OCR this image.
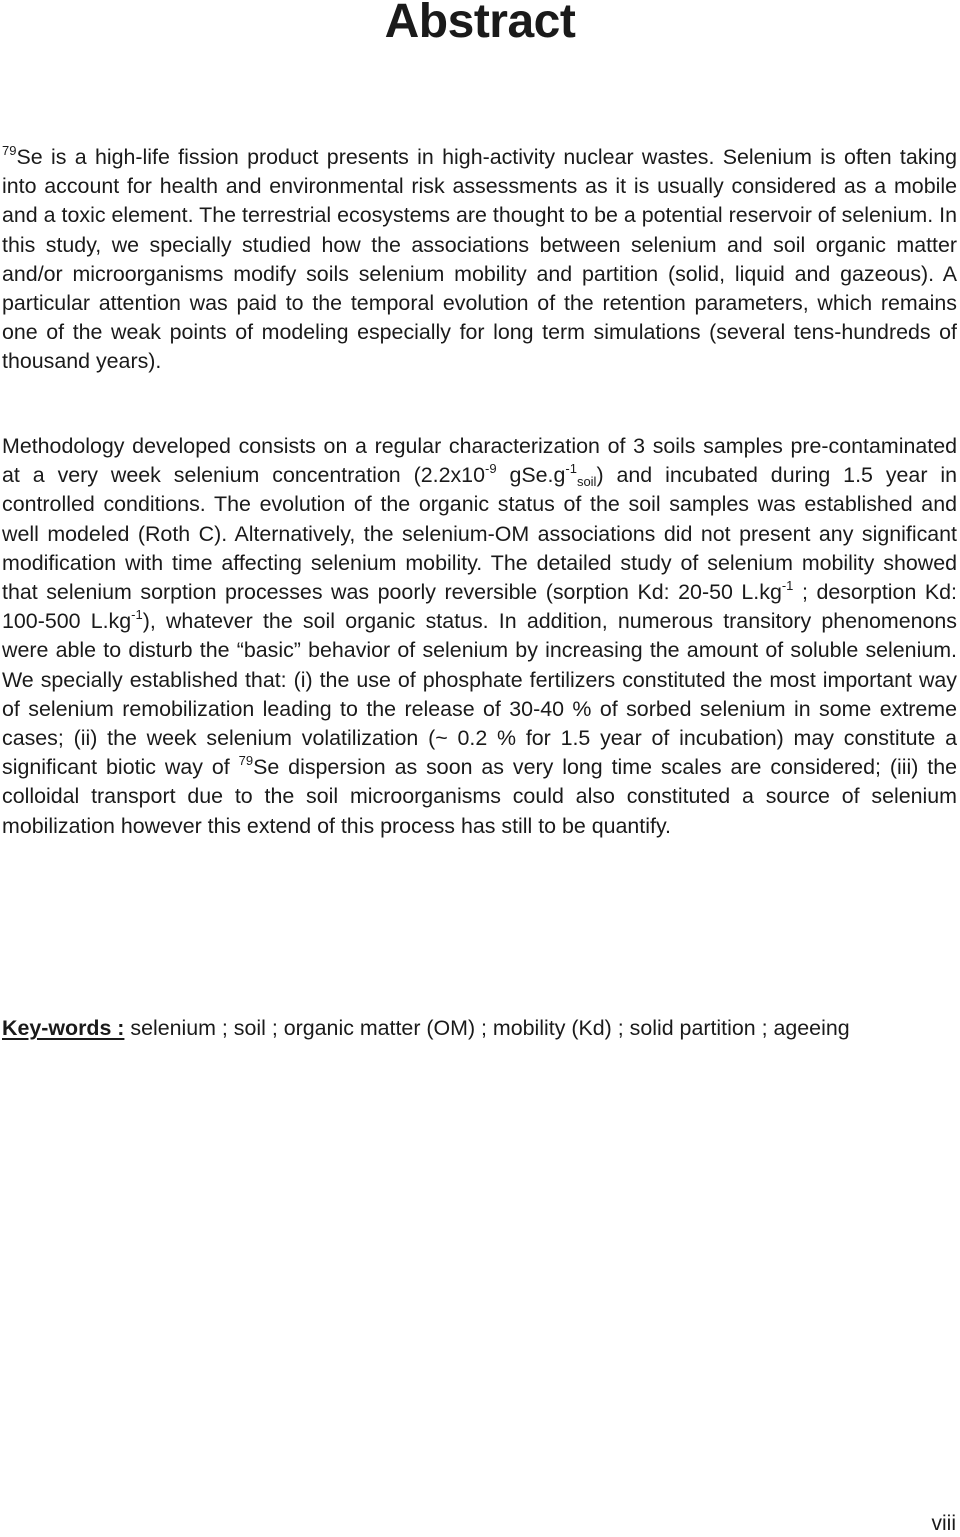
Abstract

$^{79}$Se is a high-life fission product presents in high-activity nuclear wastes. Selenium is often taking into account for health and environmental risk assessments as it is usually considered as a mobile and a toxic element. The terrestrial ecosystems are thought to be a potential reservoir of selenium. In this study, we specially studied how the associations between selenium and soil organic matter and/or microorganisms modify soils selenium mobility and partition (solid, liquid and gazeous). A particular attention was paid to the temporal evolution of the retention parameters, which remains one of the weak points of modeling especially for long term simulations (several tens-hundreds of thousand years).

Methodology developed consists on a regular characterization of 3 soils samples pre-contaminated at a very week selenium concentration ($2.2x10^{-9}$ $gSe.g^{-1}_{soil}$) and incubated during 1.5 year in controlled conditions. The evolution of the organic status of the soil samples was established and well modeled (Roth C). Alternatively, the selenium-OM associations did not present any significant modification with time affecting selenium mobility. The detailed study of selenium mobility showed that selenium sorption processes was poorly reversible (sorption Kd: 20-50 $L.kg^{-1}$ ; desorption Kd: 100-500 $L.kg^{-1}$), whatever the soil organic status. In addition, numerous transitory phenomenons were able to disturb the “basic” behavior of selenium by increasing the amount of soluble selenium. We specially established that: (i) the use of phosphate fertilizers constituted the most important way of selenium remobilization leading to the release of 30-40 % of sorbed selenium in some extreme cases; (ii) the week selenium volatilization (~ 0.2 % for 1.5 year of incubation) may constitute a significant biotic way of $^{79}$Se dispersion as soon as very long time scales are considered; (iii) the colloidal transport due to the soil microorganisms could also constituted a source of selenium mobilization however this extend of this process has still to be quantify.

Key-words : selenium ; soil ; organic matter (OM) ; mobility (Kd) ; solid partition ; ageeing

viii
